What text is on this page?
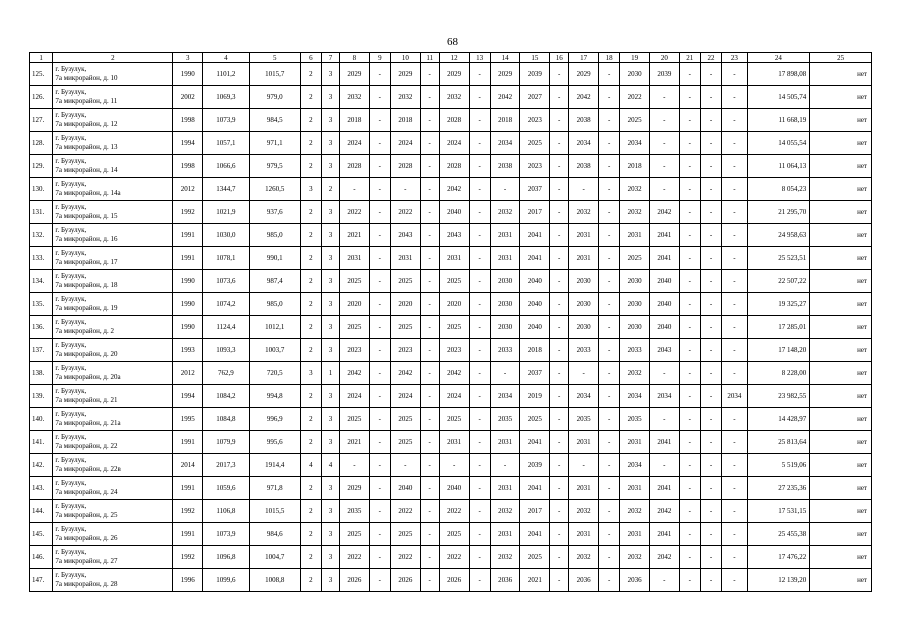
68
1	2	3	4	5	6	7	8	9	10	11	12	13	14	15	16	17	18	19	20	21	22	23	24	25
125.	г. Бузулук,
7а микрорайон, д. 10	1990	1101,2	1015,7	2	3	2029	-	2029	-	2029	-	2029	2039	-	2029	-	2030	2039	-	-	-	17 898,08	нет
126.	г. Бузулук,
7а микрорайон, д. 11	2002	1069,3	979,0	2	3	2032	-	2032	-	2032	-	2042	2027	-	2042	-	2022	-	-	-	-	14 505,74	нет
127.	г. Бузулук,
7а микрорайон, д. 12	1998	1073,9	984,5	2	3	2018	-	2018	-	2028	-	2018	2023	-	2038	-	2025	-	-	-	-	11 668,19	нет
128.	г. Бузулук,
7а микрорайон, д. 13	1994	1057,1	971,1	2	3	2024	-	2024	-	2024	-	2034	2025	-	2034	-	2034	-	-	-	-	14 055,54	нет
129.	г. Бузулук,
7а микрорайон, д. 14	1998	1066,6	979,5	2	3	2028	-	2028	-	2028	-	2038	2023	-	2038	-	2018	-	-	-	-	11 064,13	нет
130.	г. Бузулук,
7а микрорайон, д. 14а	2012	1344,7	1260,5	3	2	-	-	-	-	2042	-	-	2037	-	-	-	2032	-	-	-	-	8 054,23	нет
131.	г. Бузулук,
7а микрорайон, д. 15	1992	1021,9	937,6	2	3	2022	-	2022	-	2040	-	2032	2017	-	2032	-	2032	2042	-	-	-	21 295,70	нет
132.	г. Бузулук,
7а микрорайон, д. 16	1991	1030,0	985,0	2	3	2021	-	2043	-	2043	-	2031	2041	-	2031	-	2031	2041	-	-	-	24 958,63	нет
133.	г. Бузулук,
7а микрорайон, д. 17	1991	1078,1	990,1	2	3	2031	-	2031	-	2031	-	2031	2041	-	2031	-	2025	2041	-	-	-	25 523,51	нет
134.	г. Бузулук,
7а микрорайон, д. 18	1990	1073,6	987,4	2	3	2025	-	2025	-	2025	-	2030	2040	-	2030	-	2030	2040	-	-	-	22 507,22	нет
135.	г. Бузулук,
7а микрорайон, д. 19	1990	1074,2	985,0	2	3	2020	-	2020	-	2020	-	2030	2040	-	2030	-	2030	2040	-	-	-	19 325,27	нет
136.	г. Бузулук,
7а микрорайон, д. 2	1990	1124,4	1012,1	2	3	2025	-	2025	-	2025	-	2030	2040	-	2030	-	2030	2040	-	-	-	17 285,01	нет
137.	г. Бузулук,
7а микрорайон, д. 20	1993	1093,3	1003,7	2	3	2023	-	2023	-	2023	-	2033	2018	-	2033	-	2033	2043	-	-	-	17 148,20	нет
138.	г. Бузулук,
7а микрорайон, д. 20а	2012	762,9	720,5	3	1	2042	-	2042	-	2042	-	-	2037	-	-	-	2032	-	-	-	-	8 228,00	нет
139.	г. Бузулук,
7а микрорайон, д. 21	1994	1084,2	994,8	2	3	2024	-	2024	-	2024	-	2034	2019	-	2034	-	2034	2034	-	-	2034	23 982,55	нет
140.	г. Бузулук,
7а микрорайон, д. 21а	1995	1084,8	996,9	2	3	2025	-	2025	-	2025	-	2035	2025	-	2035	-	2035	-	-	-	-	14 428,97	нет
141.	г. Бузулук,
7а микрорайон, д. 22	1991	1079,9	995,6	2	3	2021	-	2025	-	2031	-	2031	2041	-	2031	-	2031	2041	-	-	-	25 813,64	нет
142.	г. Бузулук,
7а микрорайон, д. 22в	2014	2017,3	1914,4	4	4	-	-	-	-	-	-	-	2039	-	-	-	2034	-	-	-	-	5 519,06	нет
143.	г. Бузулук,
7а микрорайон, д. 24	1991	1059,6	971,8	2	3	2029	-	2040	-	2040	-	2031	2041	-	2031	-	2031	2041	-	-	-	27 235,36	нет
144.	г. Бузулук,
7а микрорайон, д. 25	1992	1106,8	1015,5	2	3	2035	-	2022	-	2022	-	2032	2017	-	2032	-	2032	2042	-	-	-	17 531,15	нет
145.	г. Бузулук,
7а микрорайон, д. 26	1991	1073,9	984,6	2	3	2025	-	2025	-	2025	-	2031	2041	-	2031	-	2031	2041	-	-	-	25 455,38	нет
146.	г. Бузулук,
7а микрорайон, д. 27	1992	1096,8	1004,7	2	3	2022	-	2022	-	2022	-	2032	2025	-	2032	-	2032	2042	-	-	-	17 476,22	нет
147.	г. Бузулук,
7а микрорайон, д. 28	1996	1099,6	1008,8	2	3	2026	-	2026	-	2026	-	2036	2021	-	2036	-	2036	-	-	-	-	12 139,20	нет
